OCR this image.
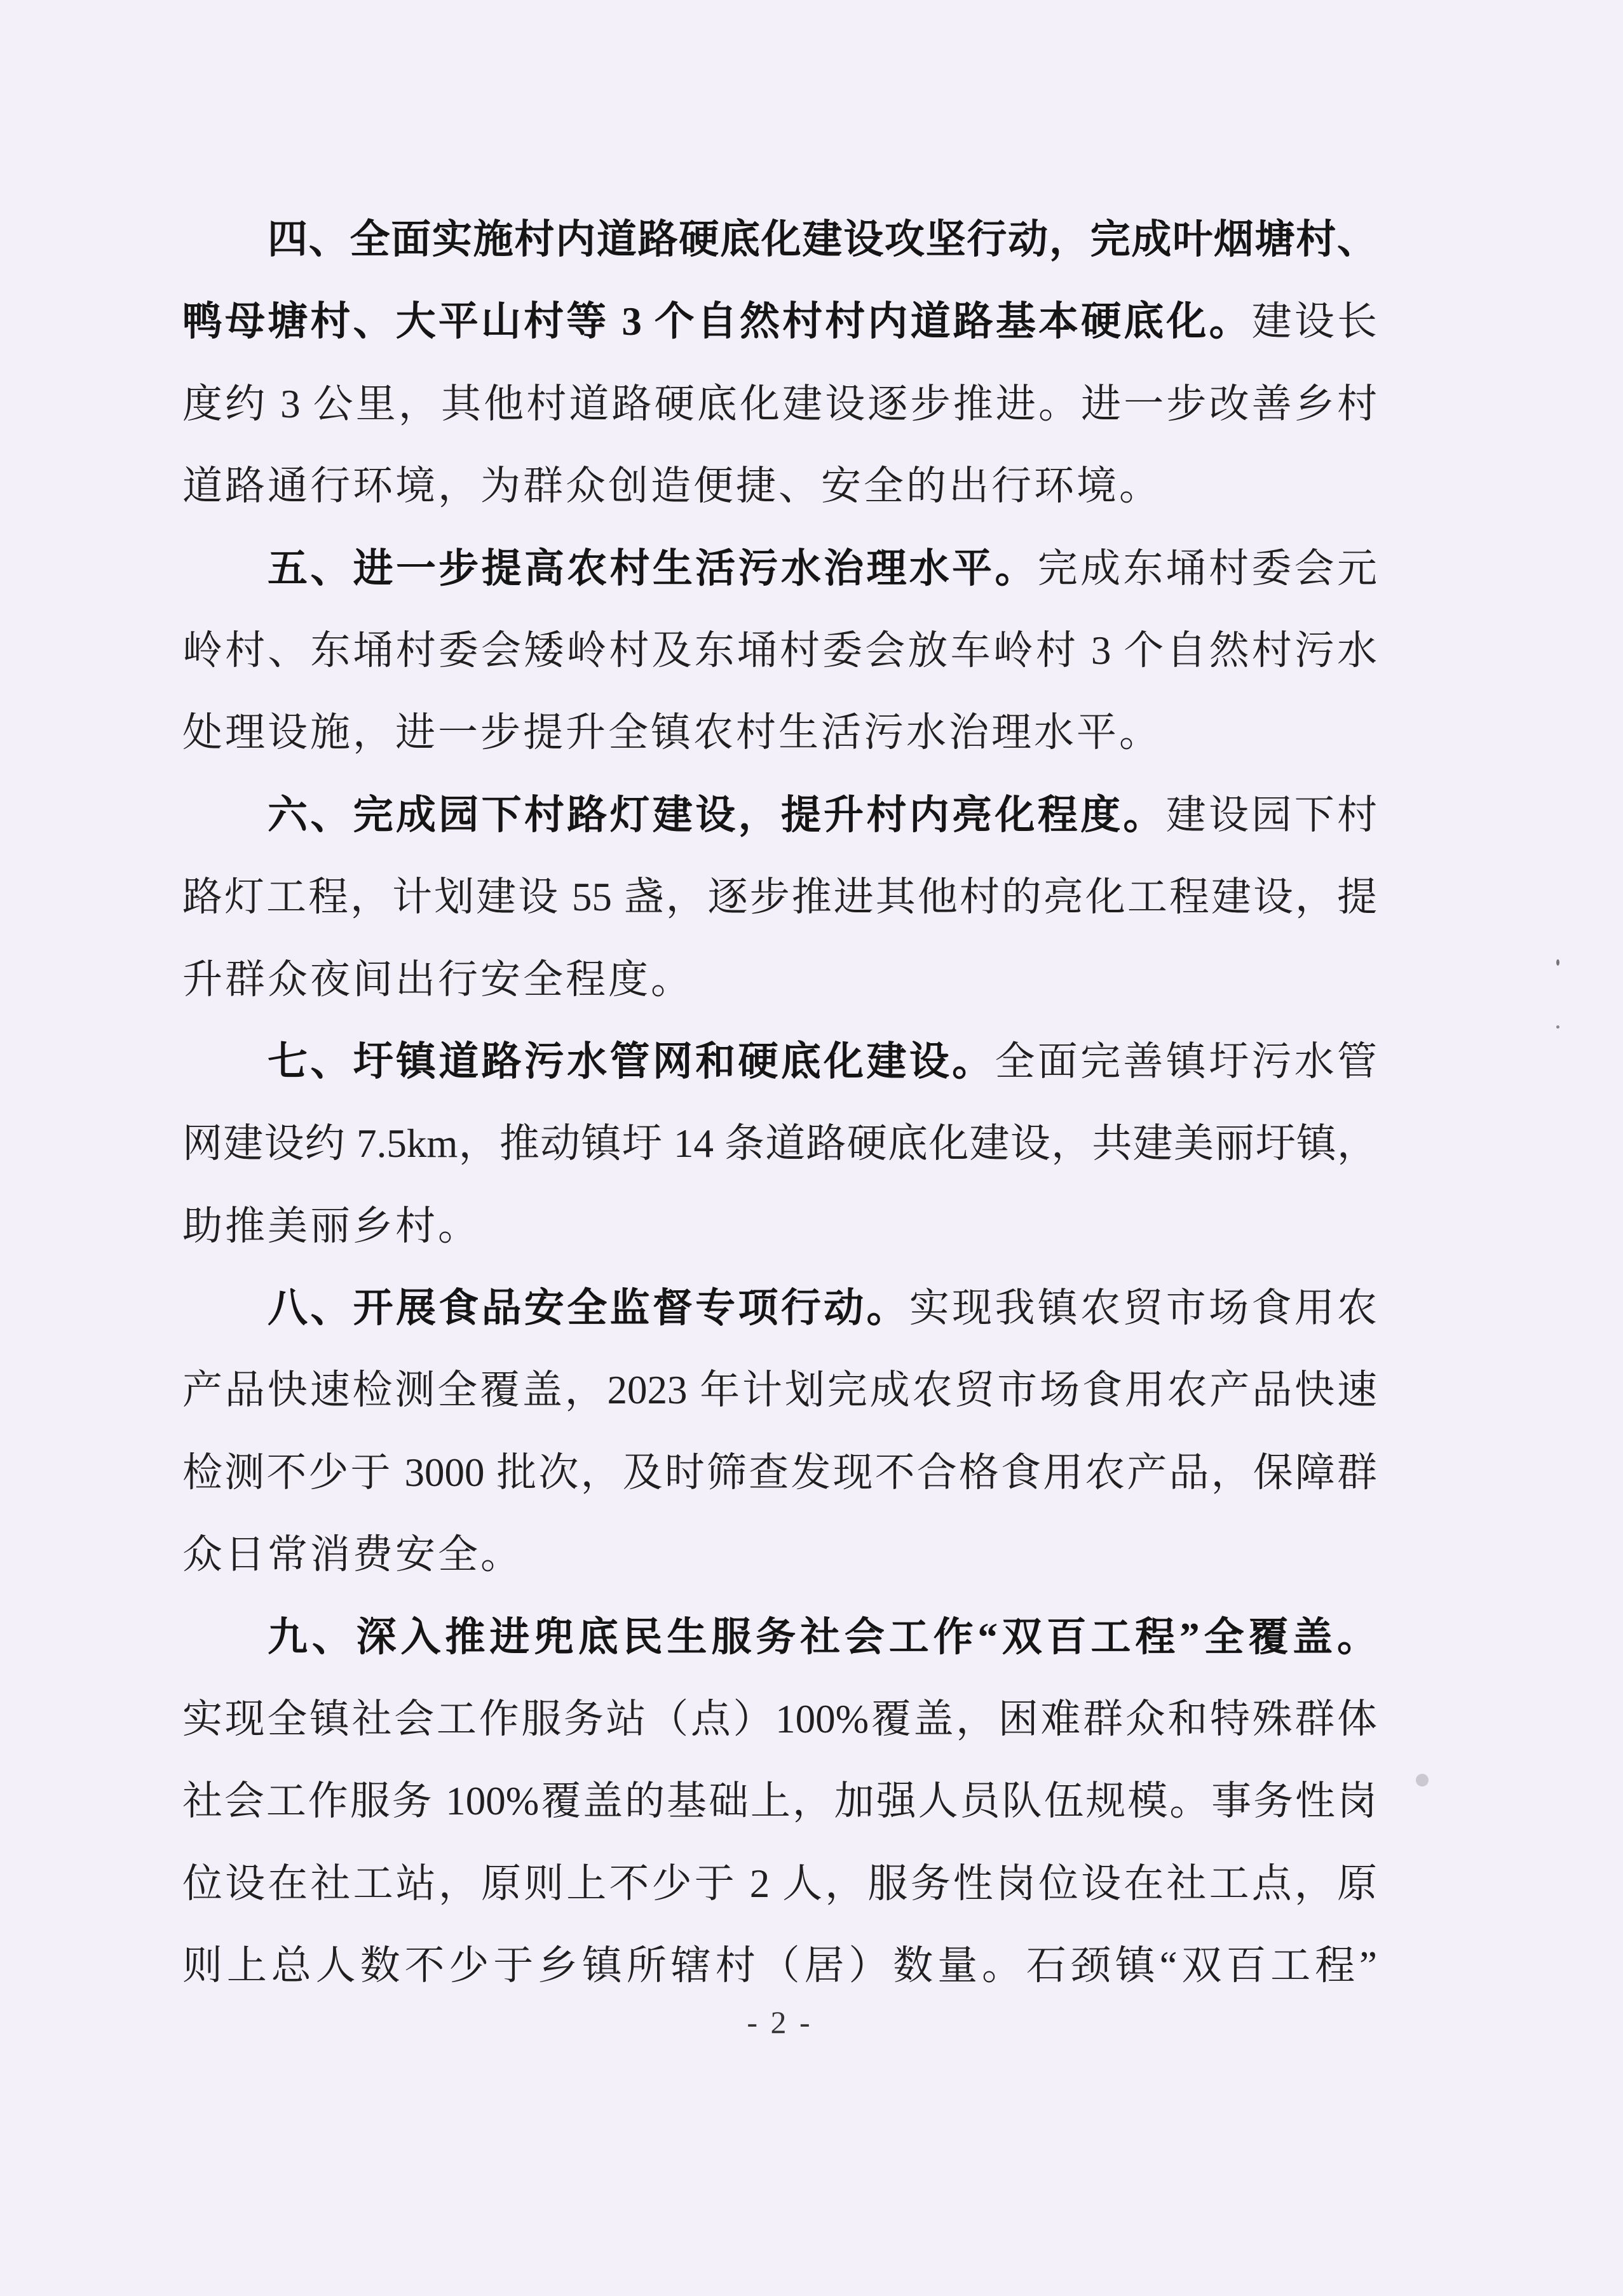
四、全面实施村内道路硬底化建设攻坚行动，完成叶烟塘村、
鸭母塘村、大平山村等 3 个自然村村内道路基本硬底化。建设长
度约 3 公里，其他村道路硬底化建设逐步推进。进一步改善乡村
道路通行环境，为群众创造便捷、安全的出行环境。
五、进一步提高农村生活污水治理水平。完成东埇村委会元
岭村、东埇村委会矮岭村及东埇村委会放车岭村 3 个自然村污水
处理设施，进一步提升全镇农村生活污水治理水平。
六、完成园下村路灯建设，提升村内亮化程度。建设园下村
路灯工程，计划建设 55 盏，逐步推进其他村的亮化工程建设，提
升群众夜间出行安全程度。
七、圩镇道路污水管网和硬底化建设。全面完善镇圩污水管
网建设约 7.5km，推动镇圩 14 条道路硬底化建设，共建美丽圩镇，
助推美丽乡村。
八、开展食品安全监督专项行动。实现我镇农贸市场食用农
产品快速检测全覆盖，2023 年计划完成农贸市场食用农产品快速
检测不少于 3000 批次，及时筛查发现不合格食用农产品，保障群
众日常消费安全。
九、深入推进兜底民生服务社会工作“双百工程”全覆盖。
实现全镇社会工作服务站（点）100%覆盖，困难群众和特殊群体
社会工作服务 100%覆盖的基础上，加强人员队伍规模。事务性岗
位设在社工站，原则上不少于 2 人，服务性岗位设在社工点，原
则上总人数不少于乡镇所辖村（居）数量。石颈镇“双百工程”
- 2 -
